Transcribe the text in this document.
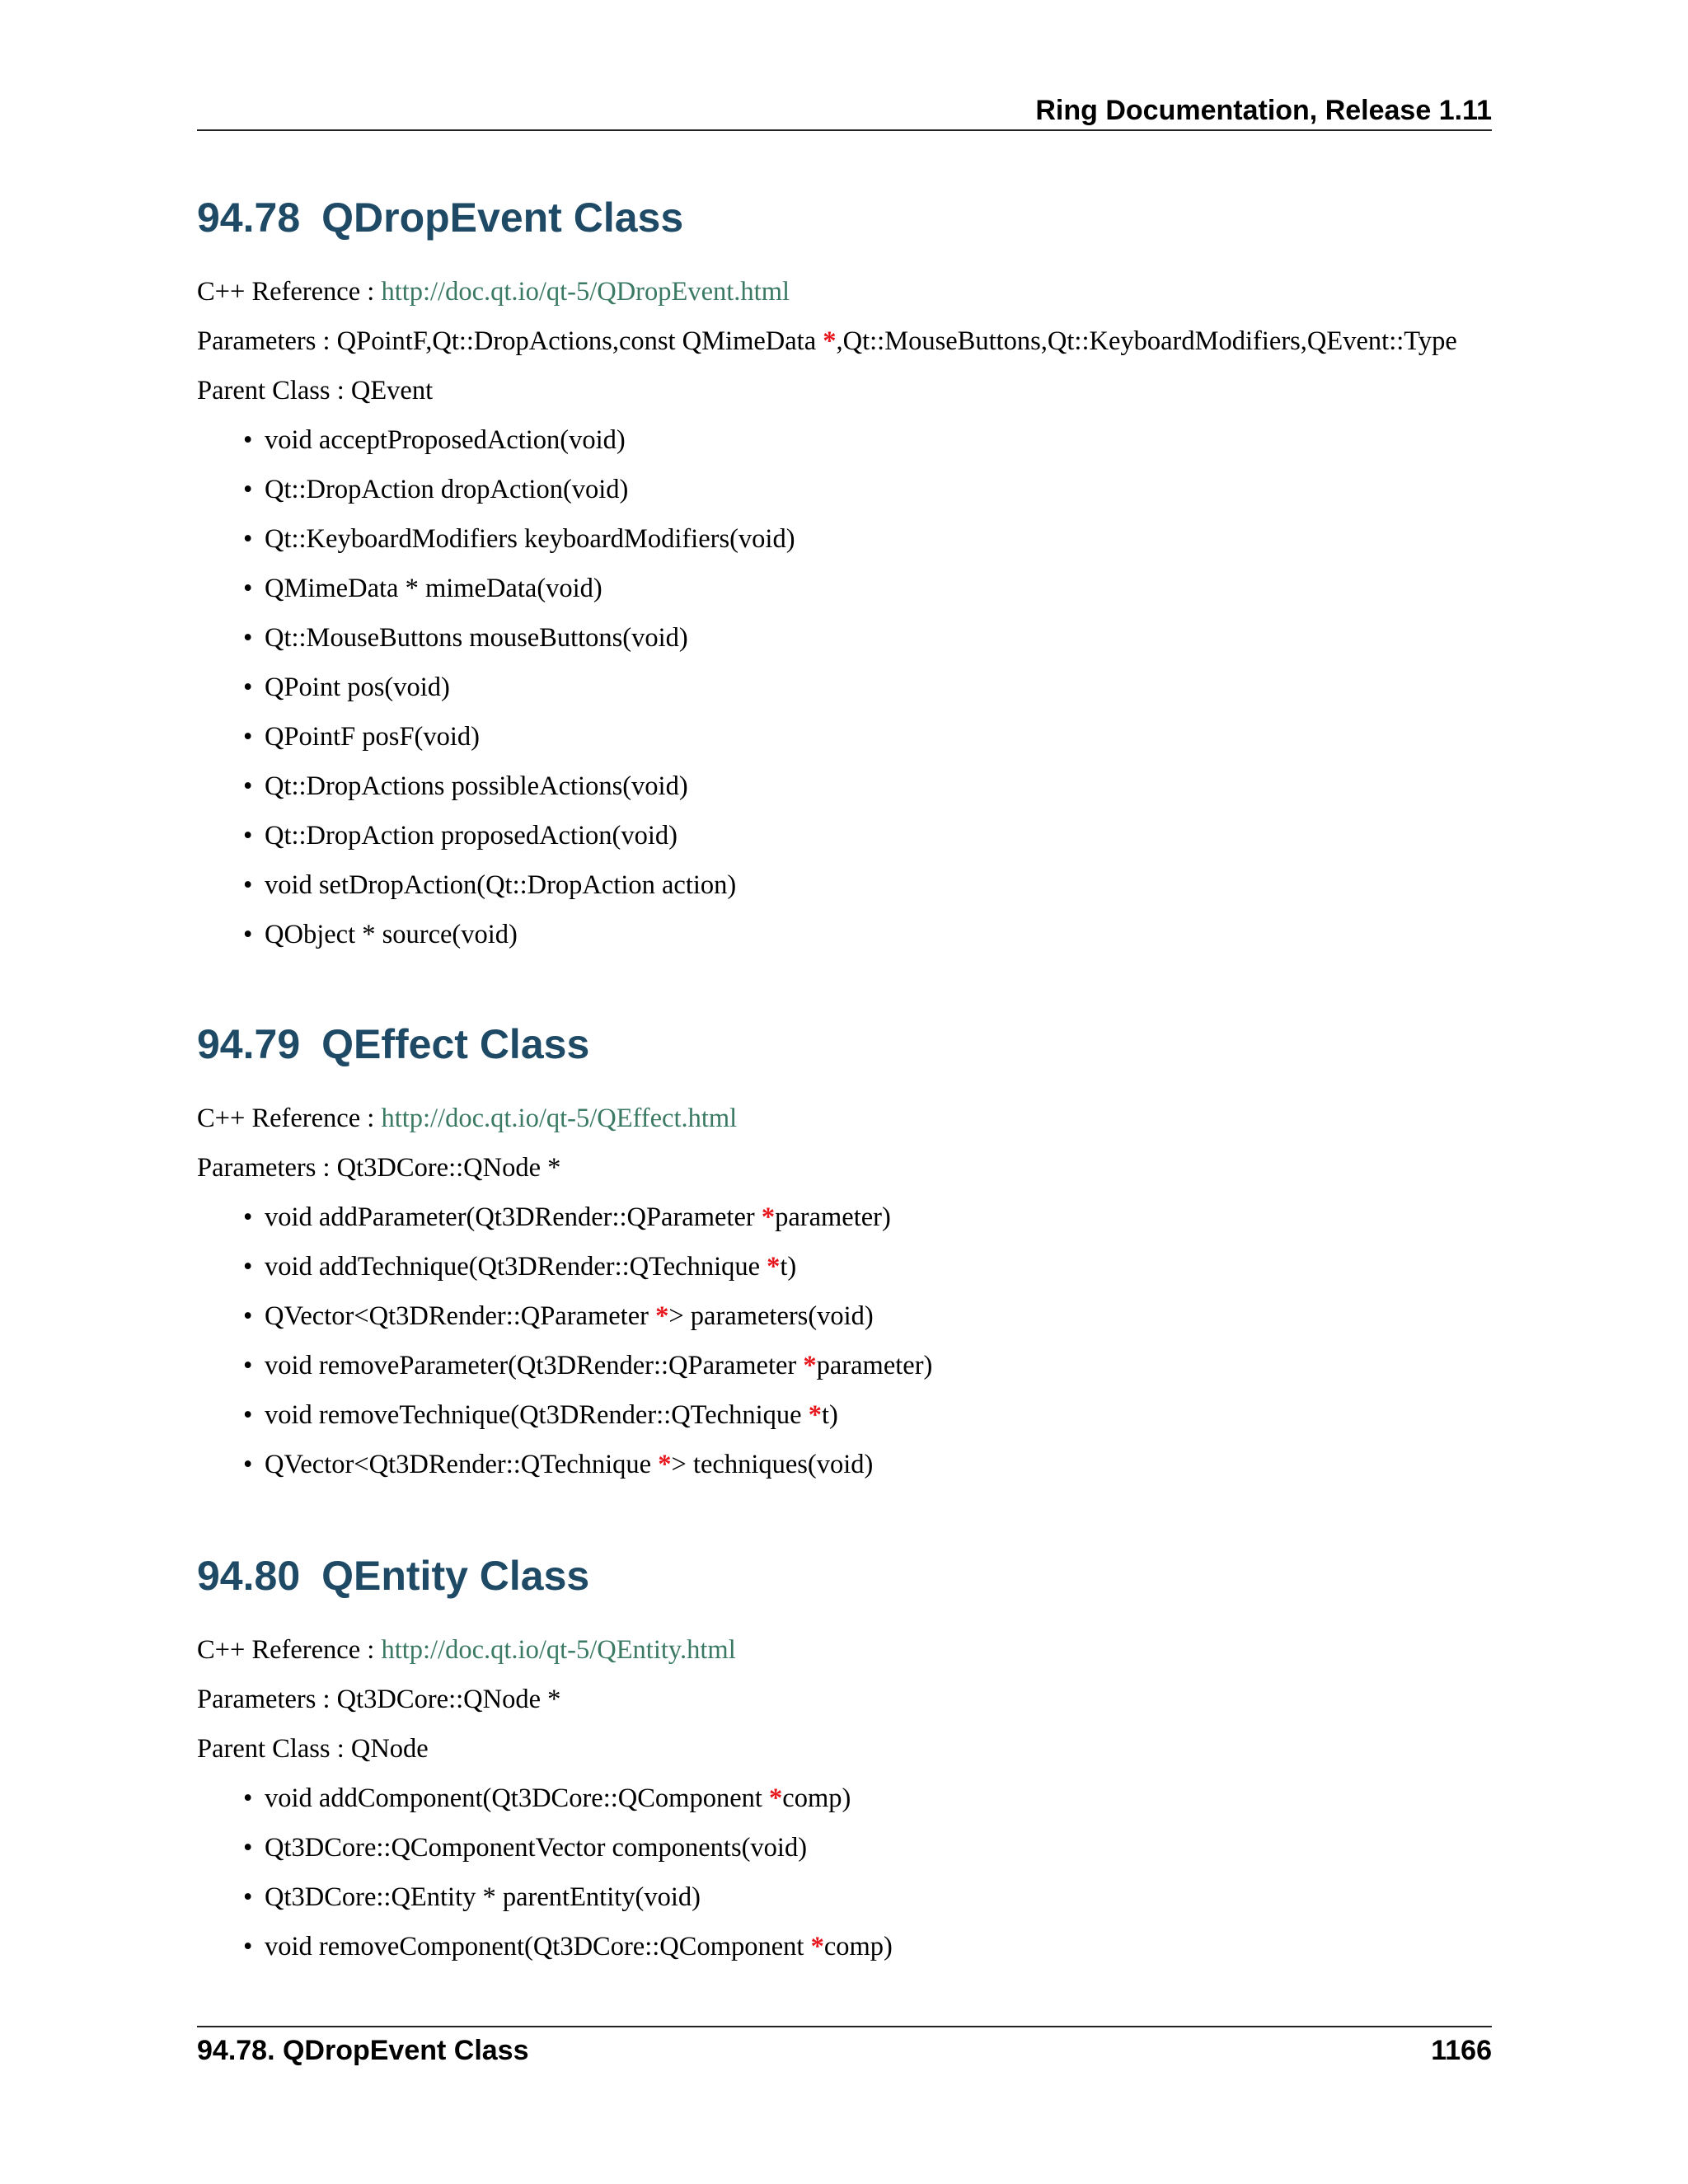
Ring Documentation, Release 1.11
94.78 QDropEvent Class

C++ Reference : http://doc.qt.io/qt-5/QDropEvent.html

Parameters : QPointF,Qt::DropActions,const QMimeData *,Qt::MouseButtons,Qt::KeyboardModifiers,QEvent::Type

Parent Class : QEvent

• void acceptProposedAction(void)
• Qt::DropAction dropAction(void)
• Qt::KeyboardModifiers keyboardModifiers(void)
• QMimeData * mimeData(void)
• Qt::MouseButtons mouseButtons(void)
• QPoint pos(void)
• QPointF posF(void)
• Qt::DropActions possibleActions(void)
• Qt::DropAction proposedAction(void)
• void setDropAction(Qt::DropAction action)
• QObject * source(void)
94.79 QEffect Class

C++ Reference : http://doc.qt.io/qt-5/QEffect.html

Parameters : Qt3DCore::QNode *

• void addParameter(Qt3DRender::QParameter *parameter)
• void addTechnique(Qt3DRender::QTechnique *t)
• QVector<Qt3DRender::QParameter *> parameters(void)
• void removeParameter(Qt3DRender::QParameter *parameter)
• void removeTechnique(Qt3DRender::QTechnique *t)
• QVector<Qt3DRender::QTechnique *> techniques(void)
94.80 QEntity Class

C++ Reference : http://doc.qt.io/qt-5/QEntity.html

Parameters : Qt3DCore::QNode *

Parent Class : QNode

• void addComponent(Qt3DCore::QComponent *comp)
• Qt3DCore::QComponentVector components(void)
• Qt3DCore::QEntity * parentEntity(void)
• void removeComponent(Qt3DCore::QComponent *comp)
94.78. QDropEvent Class	1166
